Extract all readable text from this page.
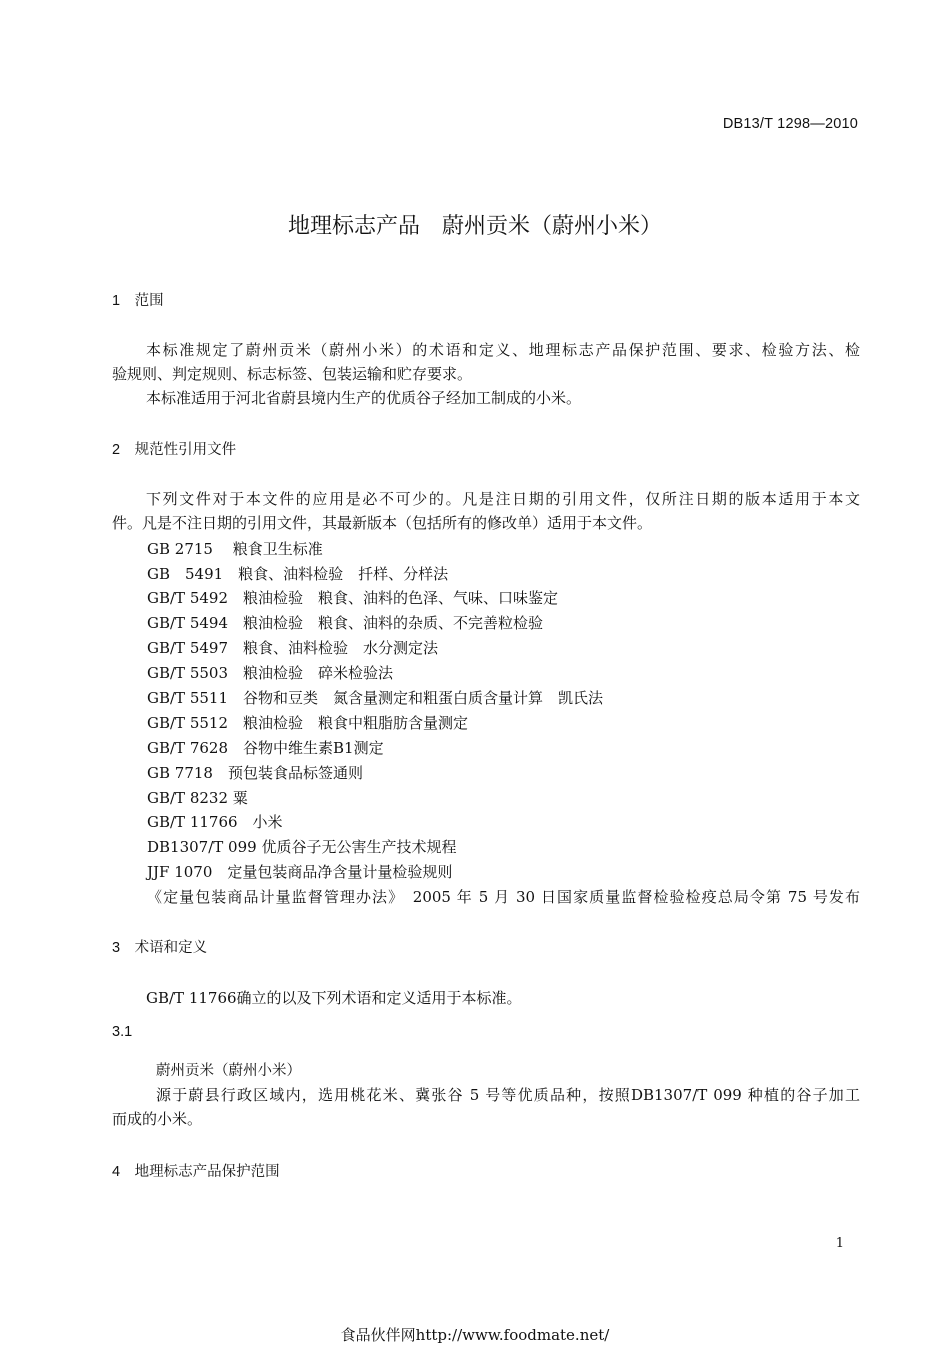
DB13/T 1298—2010
地理标志产品　蔚州贡米（蔚州小米）
1　范围
本标准规定了蔚州贡米（蔚州小米）的术语和定义、地理标志产品保护范围、要求、检验方法、检
验规则、判定规则、标志标签、包装运输和贮存要求。
本标准适用于河北省蔚县境内生产的优质谷子经加工制成的小米。
2　规范性引用文件
下列文件对于本文件的应用是必不可少的。凡是注日期的引用文件，仅所注日期的版本适用于本文
件。凡是不注日期的引用文件，其最新版本（包括所有的修改单）适用于本文件。
GB 2715　 粮食卫生标准
GB　5491　粮食、油料检验　扦样、分样法
GB/T 5492　粮油检验　粮食、油料的色泽、气味、口味鉴定
GB/T 5494　粮油检验　粮食、油料的杂质、不完善粒检验
GB/T 5497　粮食、油料检验　水分测定法
GB/T 5503　粮油检验　碎米检验法
GB/T 5511　谷物和豆类　氮含量测定和粗蛋白质含量计算　凯氏法
GB/T 5512　粮油检验　粮食中粗脂肪含量测定
GB/T 7628　谷物中维生素B1测定
GB 7718　预包装食品标签通则
GB/T 8232 粟
GB/T 11766　小米
DB1307/T 099 优质谷子无公害生产技术规程
JJF 1070　定量包装商品净含量计量检验规则
《定量包装商品计量监督管理办法》　2005 年 5 月 30 日国家质量监督检验检疫总局令第 75 号发布
3　术语和定义
GB/T 11766确立的以及下列术语和定义适用于本标准。
3.1
蔚州贡米（蔚州小米）
源于蔚县行政区域内，选用桃花米、冀张谷 5 号等优质品种，按照DB1307/T 099 种植的谷子加工
而成的小米。
4　地理标志产品保护范围
1
食品伙伴网http://www.foodmate.net/
